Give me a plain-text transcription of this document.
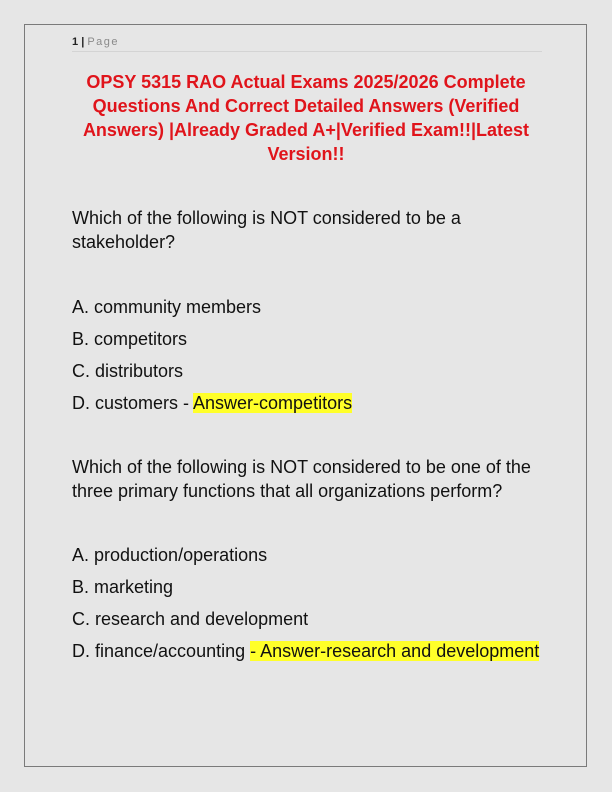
1 | Page
OPSY 5315 RAO Actual Exams 2025/2026 Complete Questions And Correct Detailed Answers (Verified Answers) |Already Graded A+|Verified Exam!!|Latest Version!!
Which of the following is NOT considered to be a stakeholder?
A. community members
B. competitors
C. distributors
D. customers - Answer-competitors
Which of the following is NOT considered to be one of the three primary functions that all organizations perform?
A. production/operations
B. marketing
C. research and development
D. finance/accounting - Answer-research and development
